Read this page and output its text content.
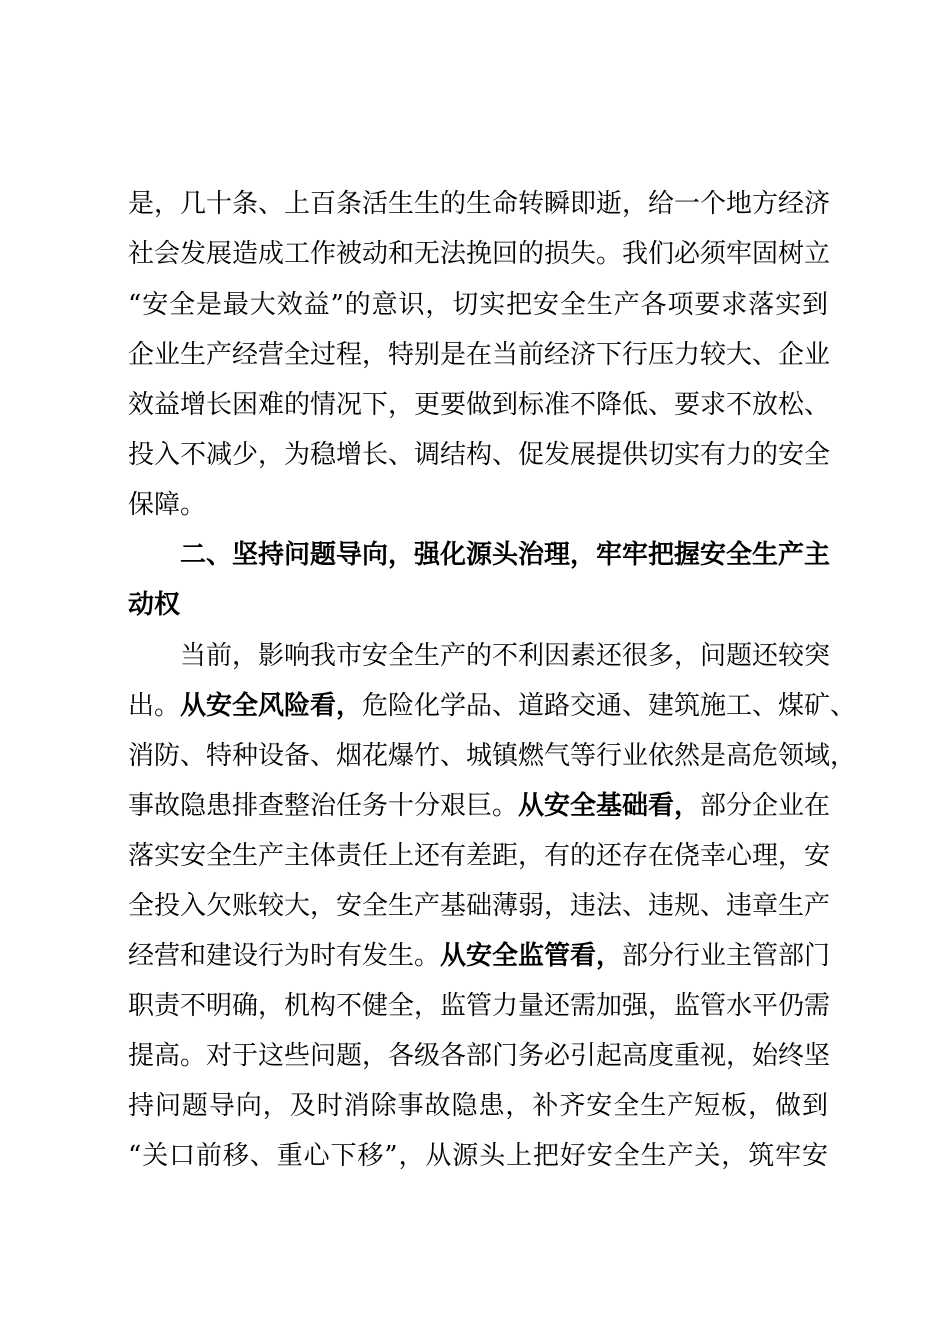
是，几十条、上百条活生生的生命转瞬即逝，给一个地方经济
社会发展造成工作被动和无法挽回的损失。我们必须牢固树立
“安全是最大效益”的意识，切实把安全生产各项要求落实到
企业生产经营全过程，特别是在当前经济下行压力较大、企业
效益增长困难的情况下，更要做到标准不降低、要求不放松、
投入不减少，为稳增长、调结构、促发展提供切实有力的安全
保障。
二、坚持问题导向，强化源头治理，牢牢把握安全生产主
动权
当前，影响我市安全生产的不利因素还很多，问题还较突
出。从安全风险看，危险化学品、道路交通、建筑施工、煤矿、
消防、特种设备、烟花爆竹、城镇燃气等行业依然是高危领域，
事故隐患排查整治任务十分艰巨。从安全基础看，部分企业在
落实安全生产主体责任上还有差距，有的还存在侥幸心理，安
全投入欠账较大，安全生产基础薄弱，违法、违规、违章生产
经营和建设行为时有发生。从安全监管看，部分行业主管部门
职责不明确，机构不健全，监管力量还需加强，监管水平仍需
提高。对于这些问题，各级各部门务必引起高度重视，始终坚
持问题导向，及时消除事故隐患，补齐安全生产短板，做到
“关口前移、重心下移”，从源头上把好安全生产关，筑牢安
